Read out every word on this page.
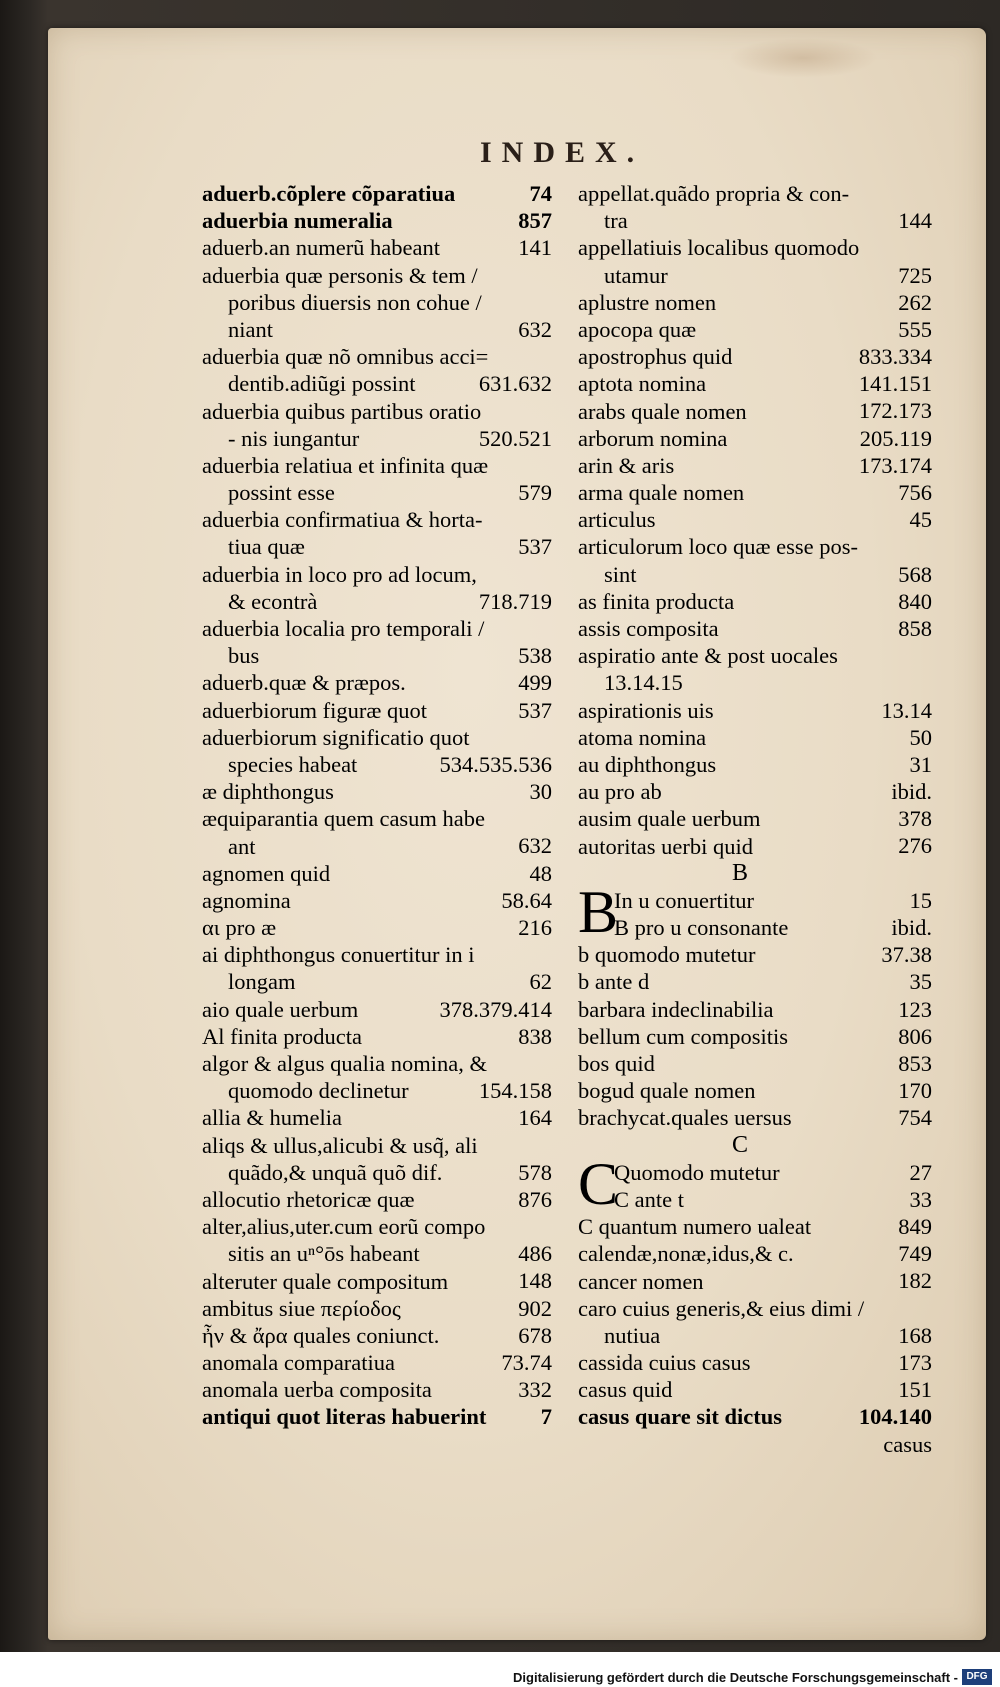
INDEX.
aduerb.cõplere cõparatiua	74
aduerbia numeralia	857
aduerb.an numerũ habeant	141
aduerbia quæ personis & tem /
poribus diuersis non cohue /
niant	632
aduerbia quæ nõ omnibus acci=
dentib.adiũgi possint	631.632
aduerbia quibus partibus oratio
- nis iungantur	520.521
aduerbia relatiua et infinita quæ
possint esse	579
aduerbia confirmatiua & horta-
tiua quæ	537
aduerbia in loco pro ad locum,
& econtrà	718.719
aduerbia localia pro temporali /
bus	538
aduerb.quæ & præpos.	499
aduerbiorum figuræ quot	537
aduerbiorum significatio quot
species habeat	534.535.536
æ diphthongus	30
æquiparantia quem casum habe
ant	632
agnomen quid	48
agnomina	58.64
αι pro æ	216
ai diphthongus conuertitur in i
longam	62
aio quale uerbum	378.379.414
Al finita producta	838
algor & algus qualia nomina, &
quomodo declinetur	154.158
allia & humelia	164
aliqs & ullus,alicubi & usq̃, ali
quãdo,& unquã quõ dif.	578
allocutio rhetoricæ quæ	876
alter,alius,uter.cum eorũ compo
sitis an uⁿ°ōs habeant	486
alteruter quale compositum	148
ambitus siue περίοδος	902
ἦν & ἄρα quales coniunct.	678
anomala comparatiua	73.74
anomala uerba composita	332
antiqui quot literas habuerint	7
appellat.quãdo propria & con-
tra	144
appellatiuis localibus quomodo
utamur	725
aplustre nomen	262
apocopa quæ	555
apostrophus quid	833.334
aptota nomina	141.151
arabs quale nomen	172.173
arborum nomina	205.119
arin & aris	173.174
arma quale nomen	756
articulus	45
articulorum loco quæ esse pos-
sint	568
as finita producta	840
assis composita	858
aspiratio ante & post uocales
13.14.15
aspirationis uis	13.14
atoma nomina	50
au diphthongus	31
au pro ab	ibid.
ausim quale uerbum	378
autoritas uerbi quid	276
B
B
In u conuertitur	15
B pro u consonante	ibid.
b quomodo mutetur	37.38
b ante d	35
barbara indeclinabilia	123
bellum cum compositis	806
bos quid	853
bogud quale nomen	170
brachycat.quales uersus	754
C
C
Quomodo mutetur	27
C ante t	33
C quantum numero ualeat	849
calendæ,nonæ,idus,& c.	749
cancer nomen	182
caro cuius generis,& eius dimi /
nutiua	168
cassida cuius casus	173
casus quid	151
casus quare sit dictus	104.140
casus
Digitalisierung gefördert durch die Deutsche Forschungsgemeinschaft - DFG
